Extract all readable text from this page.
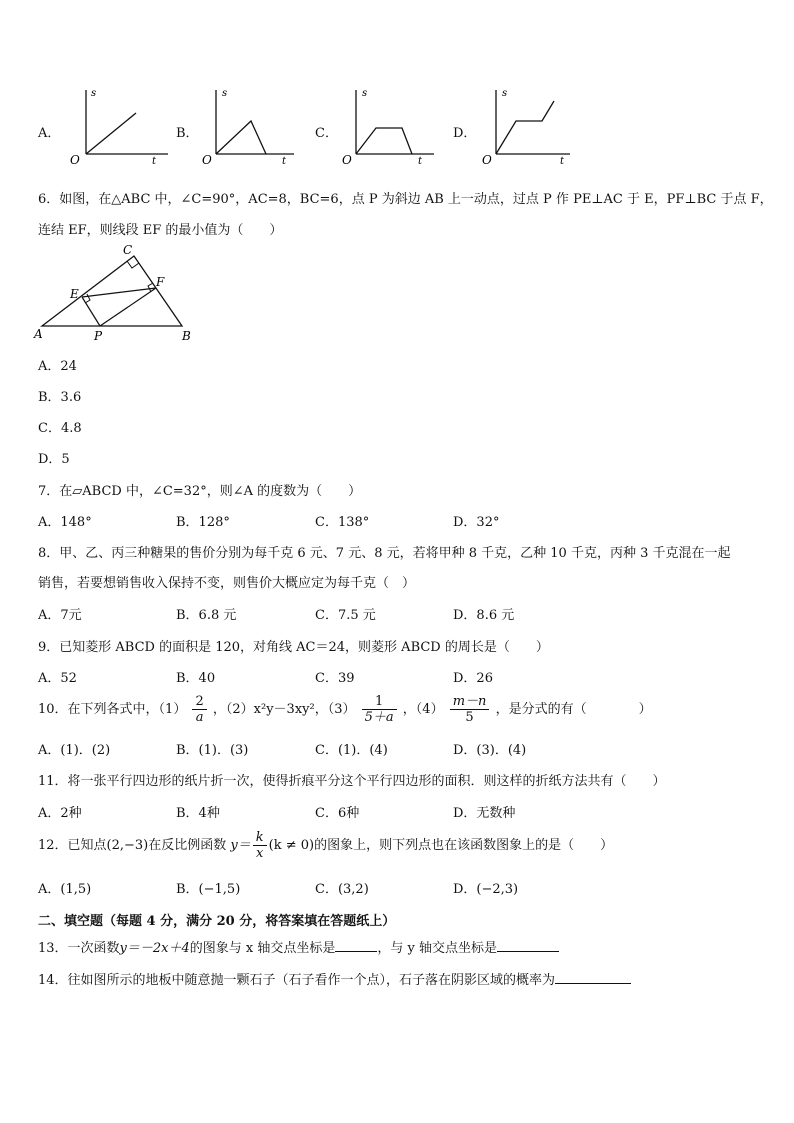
A．
s
t
O
B．
s
t
O
C．
s
t
O
D．
s
t
O
6．如图，在△ABC 中，∠C=90°，AC=8，BC=6，点 P 为斜边 AB 上一动点，过点 P 作 PE⊥AC 于 E，PF⊥BC 于点 F，
连结 EF，则线段 EF 的最小值为（　　）
C
E
F
A	P	B
A．24
B．3.6
C．4.8
D．5
7．在▱ABCD 中，∠C=32°，则∠A 的度数为（　　）
A．148°	B．128°	C．138°	D．32°
8．甲、乙、丙三种糖果的售价分别为每千克 6 元、7 元、8 元，若将甲种 8 千克，乙种 10 千克，丙种 3 千克混在一起
销售，若要想销售收入保持不变，则售价大概应定为每千克（　）
A．7元	B．6.8 元	C．7.5 元	D．8.6 元
9．已知菱形 ABCD 的面积是 120，对角线 AC＝24，则菱形 ABCD 的周长是（　　）
A．52	B．40	C．39	D．26
10．在下列各式中，$(1) \frac{2}{a}$ ，（2）x²y－3xy²，$(3) \frac{1}{5+a}$ ，$(4) \frac{m-n}{5}$ ，是分式的有（　　　　）
A．(1)．(2)	B．(1)．(3)	C．(1)．(4)	D．(3)．(4)
11．将一张平行四边形的纸片折一次，使得折痕平分这个平行四边形的面积．则这样的折纸方法共有（　　）
A．2种	B．4种	C．6种	D．无数种
12．已知点(2,−3)在反比例函数 $y= \frac{k}{x} (k \ne 0)$的图象上，则下列点也在该函数图象上的是（　　）
A．(1,5)	B．(−1,5)	C．(3,2)	D．(−2,3)
二、填空题（每题 4 分，满分 20 分，将答案填在答题纸上）
13．一次函数y＝－2x＋4的图象与 x 轴交点坐标是	，与 y 轴交点坐标是
14．往如图所示的地板中随意抛一颗石子（石子看作一个点），石子落在阴影区域的概率为
